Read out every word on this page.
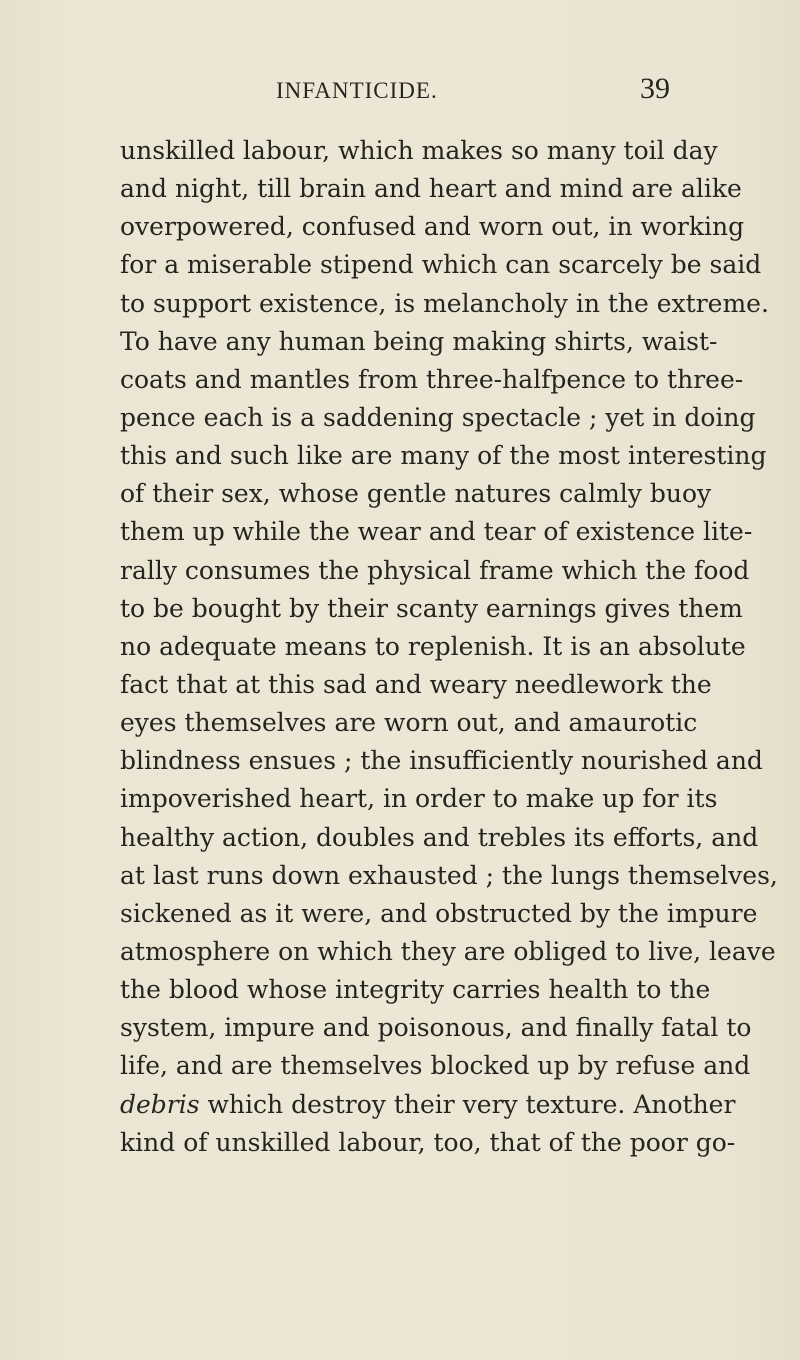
INFANTICIDE.	39
unskilled labour, which makes so many toil day
and night, till brain and heart and mind are alike
overpowered, confused and worn out, in working
for a miserable stipend which can scarcely be said
to support existence, is melancholy in the extreme.
To have any human being making shirts, waist-
coats and mantles from three-halfpence to three-
pence each is a saddening spectacle ; yet in doing
this and such like are many of the most interesting
of their sex, whose gentle natures calmly buoy
them up while the wear and tear of existence lite-
rally consumes the physical frame which the food
to be bought by their scanty earnings gives them
no adequate means to replenish. It is an absolute
fact that at this sad and weary needlework the
eyes themselves are worn out, and amaurotic
blindness ensues ; the insufficiently nourished and
impoverished heart, in order to make up for its
healthy action, doubles and trebles its efforts, and
at last runs down exhausted ; the lungs themselves,
sickened as it were, and obstructed by the impure
atmosphere on which they are obliged to live, leave
the blood whose integrity carries health to the
system, impure and poisonous, and finally fatal to
life, and are themselves blocked up by refuse and
debris which destroy their very texture. Another
kind of unskilled labour, too, that of the poor go-
